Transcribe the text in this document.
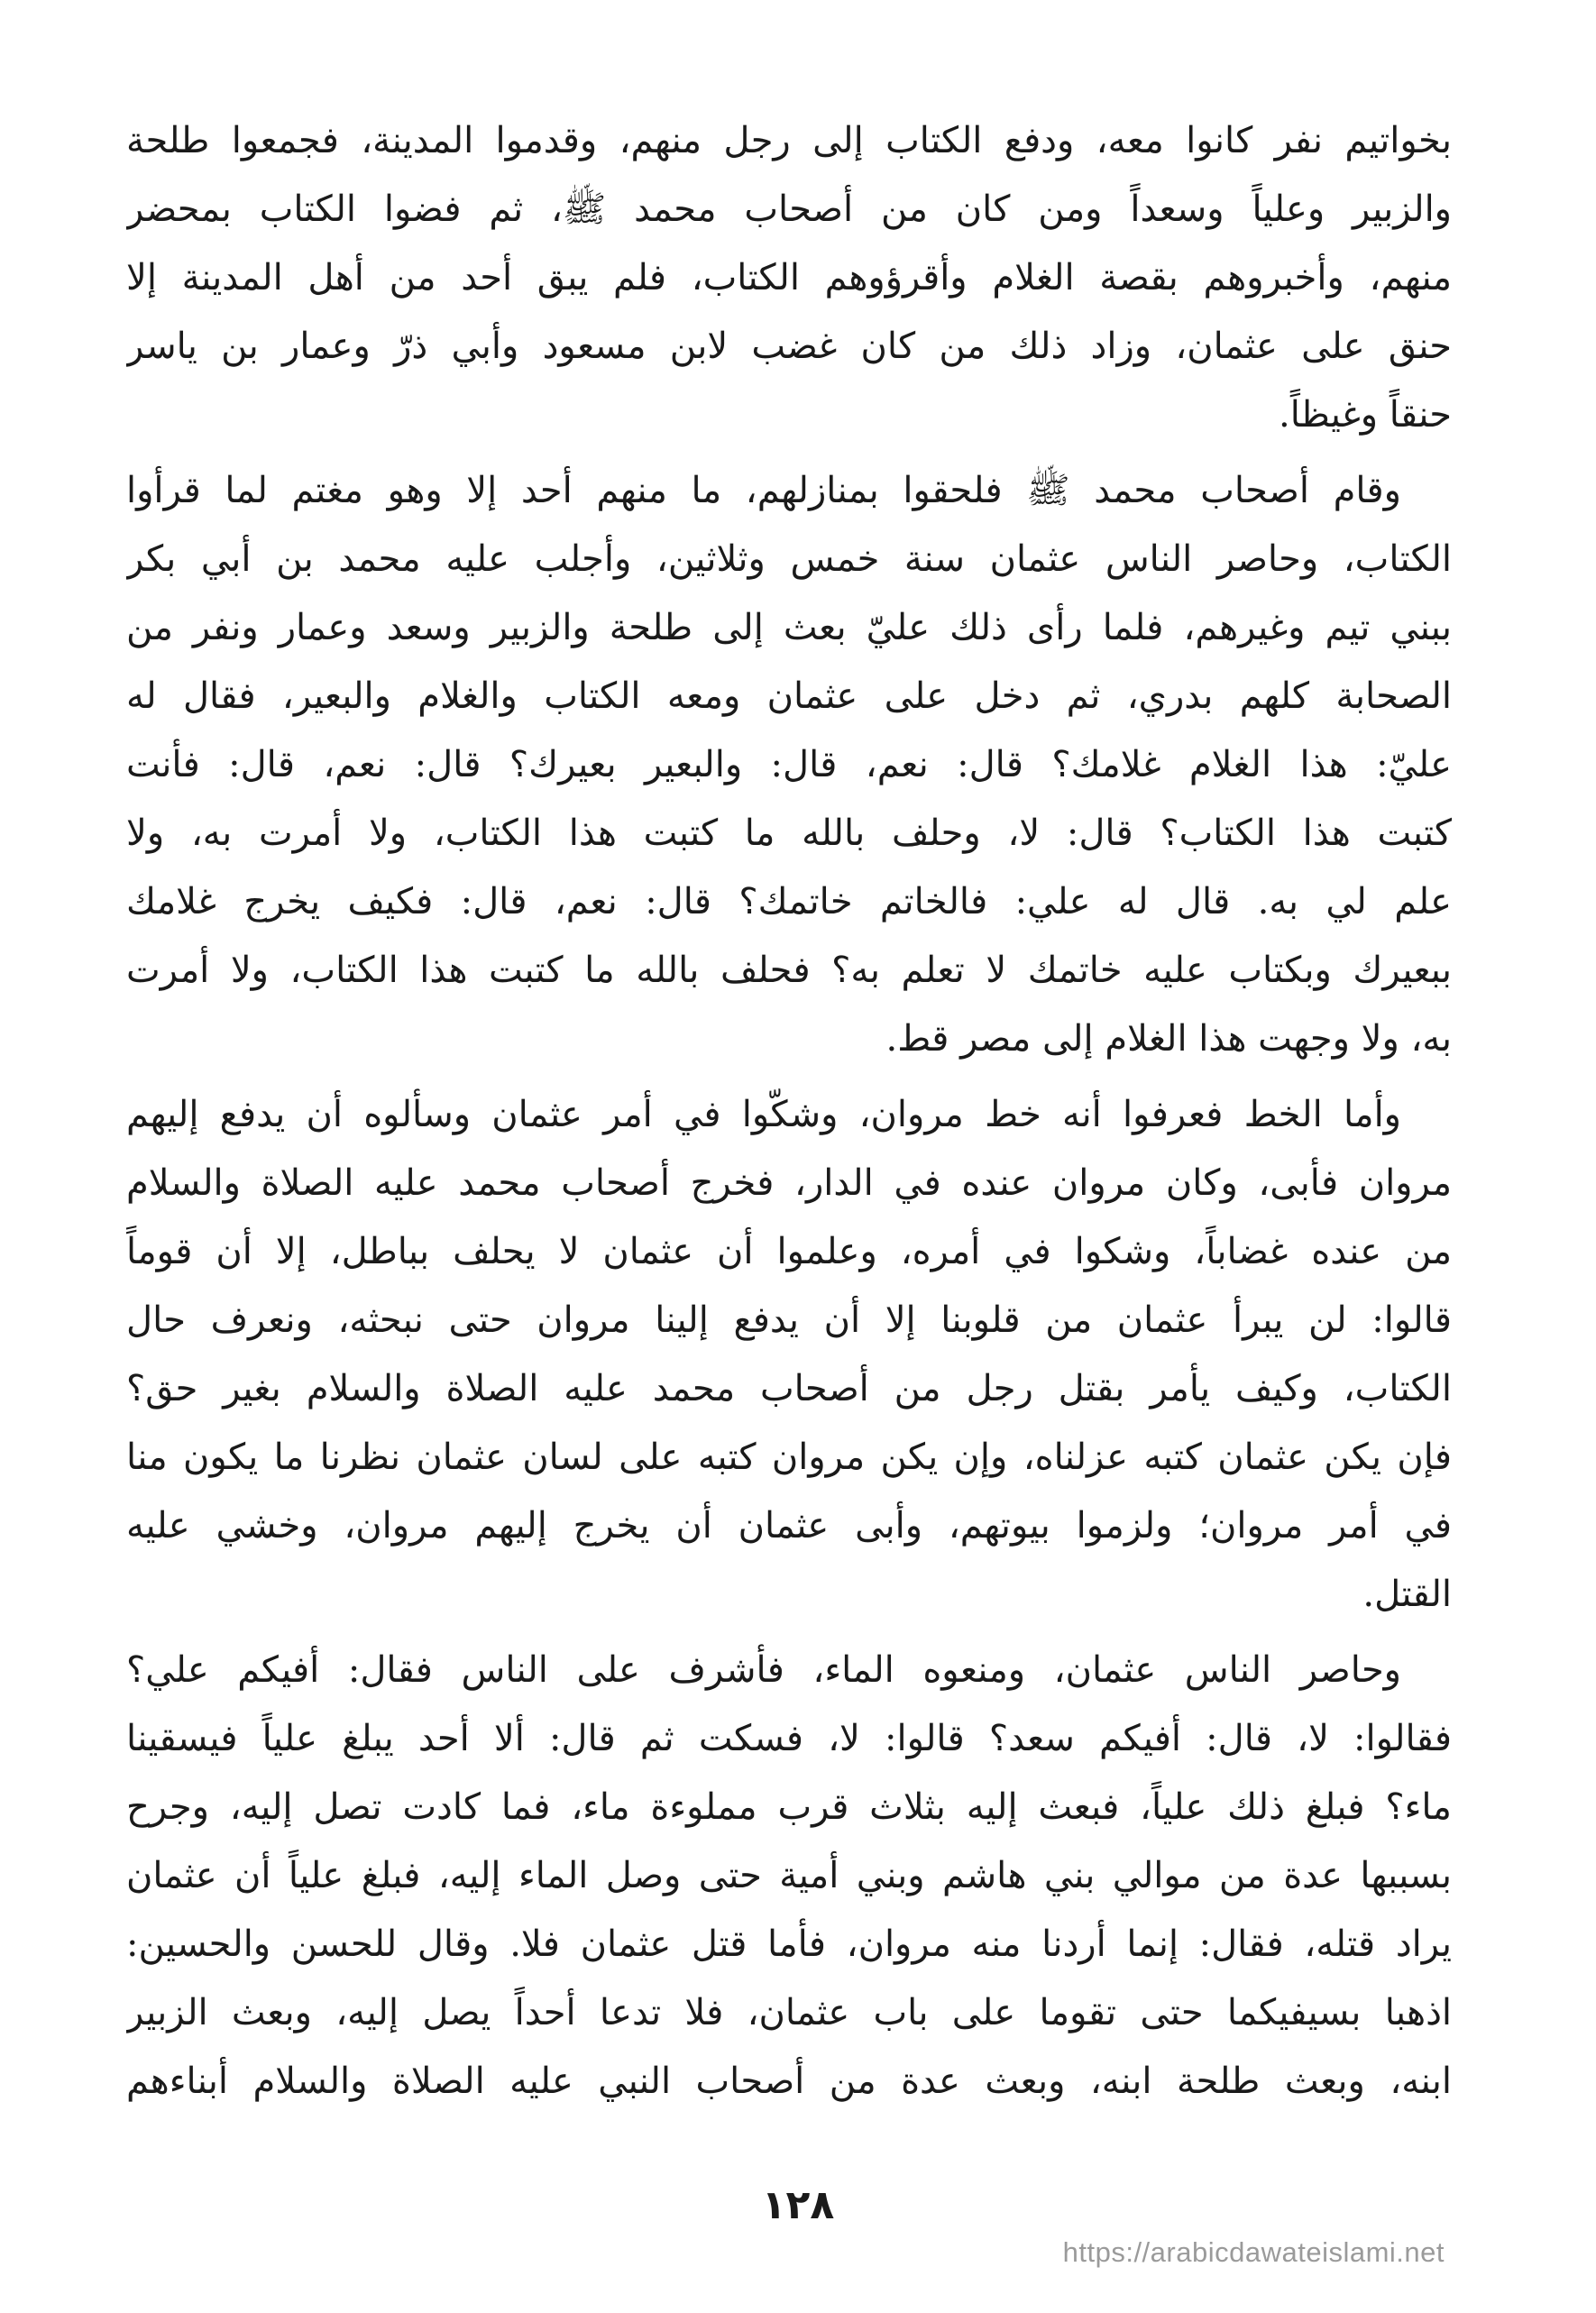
بخواتيم نفر كانوا معه، ودفع الكتاب إلى رجل منهم، وقدموا المدينة، فجمعوا طلحة
والزبير وعلياً وسعداً ومن كان من أصحاب محمد ﷺ، ثم فضوا الكتاب بمحضر
منهم، وأخبروهم بقصة الغلام وأقرؤوهم الكتاب، فلم يبق أحد من أهل المدينة إلا
حنق على عثمان، وزاد ذلك من كان غضب لابن مسعود وأبي ذرّ وعمار بن ياسر
حنقاً وغيظاً.
وقام أصحاب محمد ﷺ فلحقوا بمنازلهم، ما منهم أحد إلا وهو مغتم لما قرأوا
الكتاب، وحاصر الناس عثمان سنة خمس وثلاثين، وأجلب عليه محمد بن أبي بكر
ببني تيم وغيرهم، فلما رأى ذلك عليّ بعث إلى طلحة والزبير وسعد وعمار ونفر من
الصحابة كلهم بدري، ثم دخل على عثمان ومعه الكتاب والغلام والبعير، فقال له
عليّ: هذا الغلام غلامك؟ قال: نعم، قال: والبعير بعيرك؟ قال: نعم، قال: فأنت
كتبت هذا الكتاب؟ قال: لا، وحلف بالله ما كتبت هذا الكتاب، ولا أمرت به، ولا
علم لي به. قال له علي: فالخاتم خاتمك؟ قال: نعم، قال: فكيف يخرج غلامك
ببعيرك وبكتاب عليه خاتمك لا تعلم به؟ فحلف بالله ما كتبت هذا الكتاب، ولا أمرت
به، ولا وجهت هذا الغلام إلى مصر قط.
وأما الخط فعرفوا أنه خط مروان، وشكّوا في أمر عثمان وسألوه أن يدفع إليهم
مروان فأبى، وكان مروان عنده في الدار، فخرج أصحاب محمد عليه الصلاة والسلام
من عنده غضاباً، وشكوا في أمره، وعلموا أن عثمان لا يحلف بباطل، إلا أن قوماً
قالوا: لن يبرأ عثمان من قلوبنا إلا أن يدفع إلينا مروان حتى نبحثه، ونعرف حال
الكتاب، وكيف يأمر بقتل رجل من أصحاب محمد عليه الصلاة والسلام بغير حق؟
فإن يكن عثمان كتبه عزلناه، وإن يكن مروان كتبه على لسان عثمان نظرنا ما يكون منا
في أمر مروان؛ ولزموا بيوتهم، وأبى عثمان أن يخرج إليهم مروان، وخشي عليه
القتل.
وحاصر الناس عثمان، ومنعوه الماء، فأشرف على الناس فقال: أفيكم علي؟
فقالوا: لا، قال: أفيكم سعد؟ قالوا: لا، فسكت ثم قال: ألا أحد يبلغ علياً فيسقينا
ماء؟ فبلغ ذلك علياً، فبعث إليه بثلاث قرب مملوءة ماء، فما كادت تصل إليه، وجرح
بسببها عدة من موالي بني هاشم وبني أمية حتى وصل الماء إليه، فبلغ علياً أن عثمان
يراد قتله، فقال: إنما أردنا منه مروان، فأما قتل عثمان فلا. وقال للحسن والحسين:
اذهبا بسيفيكما حتى تقوما على باب عثمان، فلا تدعا أحداً يصل إليه، وبعث الزبير
ابنه، وبعث طلحة ابنه، وبعث عدة من أصحاب النبي عليه الصلاة والسلام أبناءهم
١٢٨
https://arabicdawateislami.net
